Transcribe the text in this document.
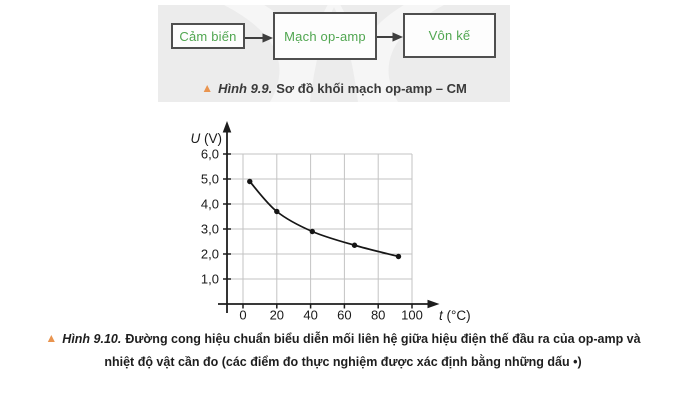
Cảm biến	Mạch op-amp	Vôn kế
▲ Hình 9.9. Sơ đồ khối mạch op-amp – CM
0 20 40 60 80 100
1,0
2,0
3,0
4,0
5,0
6,0
U (V)
t (°C)
▲ Hình 9.10. Đường cong hiệu chuẩn biểu diễn mối liên hệ giữa hiệu điện thế đầu ra của op-amp và
nhiệt độ vật cần đo (các điểm đo thực nghiệm được xác định bằng những dấu •)
